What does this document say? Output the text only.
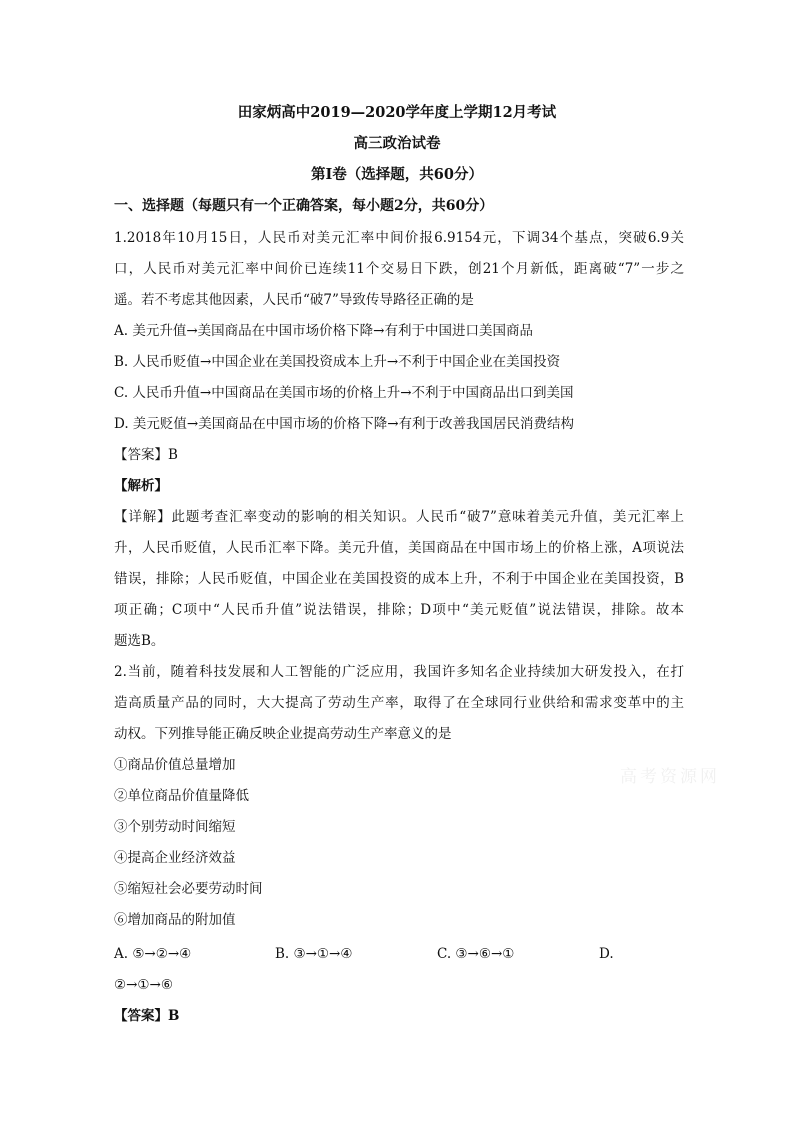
田家炳高中2019—2020学年度上学期12月考试
高三政治试卷
第I卷（选择题，共60分）
一、选择题（每题只有一个正确答案，每小题2分，共60分）
1.2018年10月15日，人民币对美元汇率中间价报6.9154元，下调34个基点，突破6.9关
口，人民币对美元汇率中间价已连续11个交易日下跌，创21个月新低，距离破“7”一步之
遥。若不考虑其他因素，人民币“破7”导致传导路径正确的是
A. 美元升值→美国商品在中国市场价格下降→有利于中国进口美国商品
B. 人民币贬值→中国企业在美国投资成本上升→不利于中国企业在美国投资
C. 人民币升值→中国商品在美国市场的价格上升→不利于中国商品出口到美国
D. 美元贬值→美国商品在中国市场的价格下降→有利于改善我国居民消费结构
【答案】B
【解析】
【详解】此题考查汇率变动的影响的相关知识。人民币“破7”意味着美元升值，美元汇率上
升，人民币贬值，人民币汇率下降。美元升值，美国商品在中国市场上的价格上涨，A项说法
错误，排除；人民币贬值，中国企业在美国投资的成本上升，不利于中国企业在美国投资，B
项正确；C项中“人民币升值”说法错误，排除；D项中“美元贬值”说法错误，排除。故本
题选B。
2.当前，随着科技发展和人工智能的广泛应用，我国许多知名企业持续加大研发投入，在打
造高质量产品的同时，大大提高了劳动生产率，取得了在全球同行业供给和需求变革中的主
动权。下列推导能正确反映企业提高劳动生产率意义的是
①商品价值总量增加
②单位商品价值量降低
③个别劳动时间缩短
④提高企业经济效益
⑤缩短社会必要劳动时间
⑥增加商品的附加值
A. ⑤→②→④	B. ③→①→④	C. ③→⑥→①	D.
②→①→⑥
【答案】B
高考资源网
